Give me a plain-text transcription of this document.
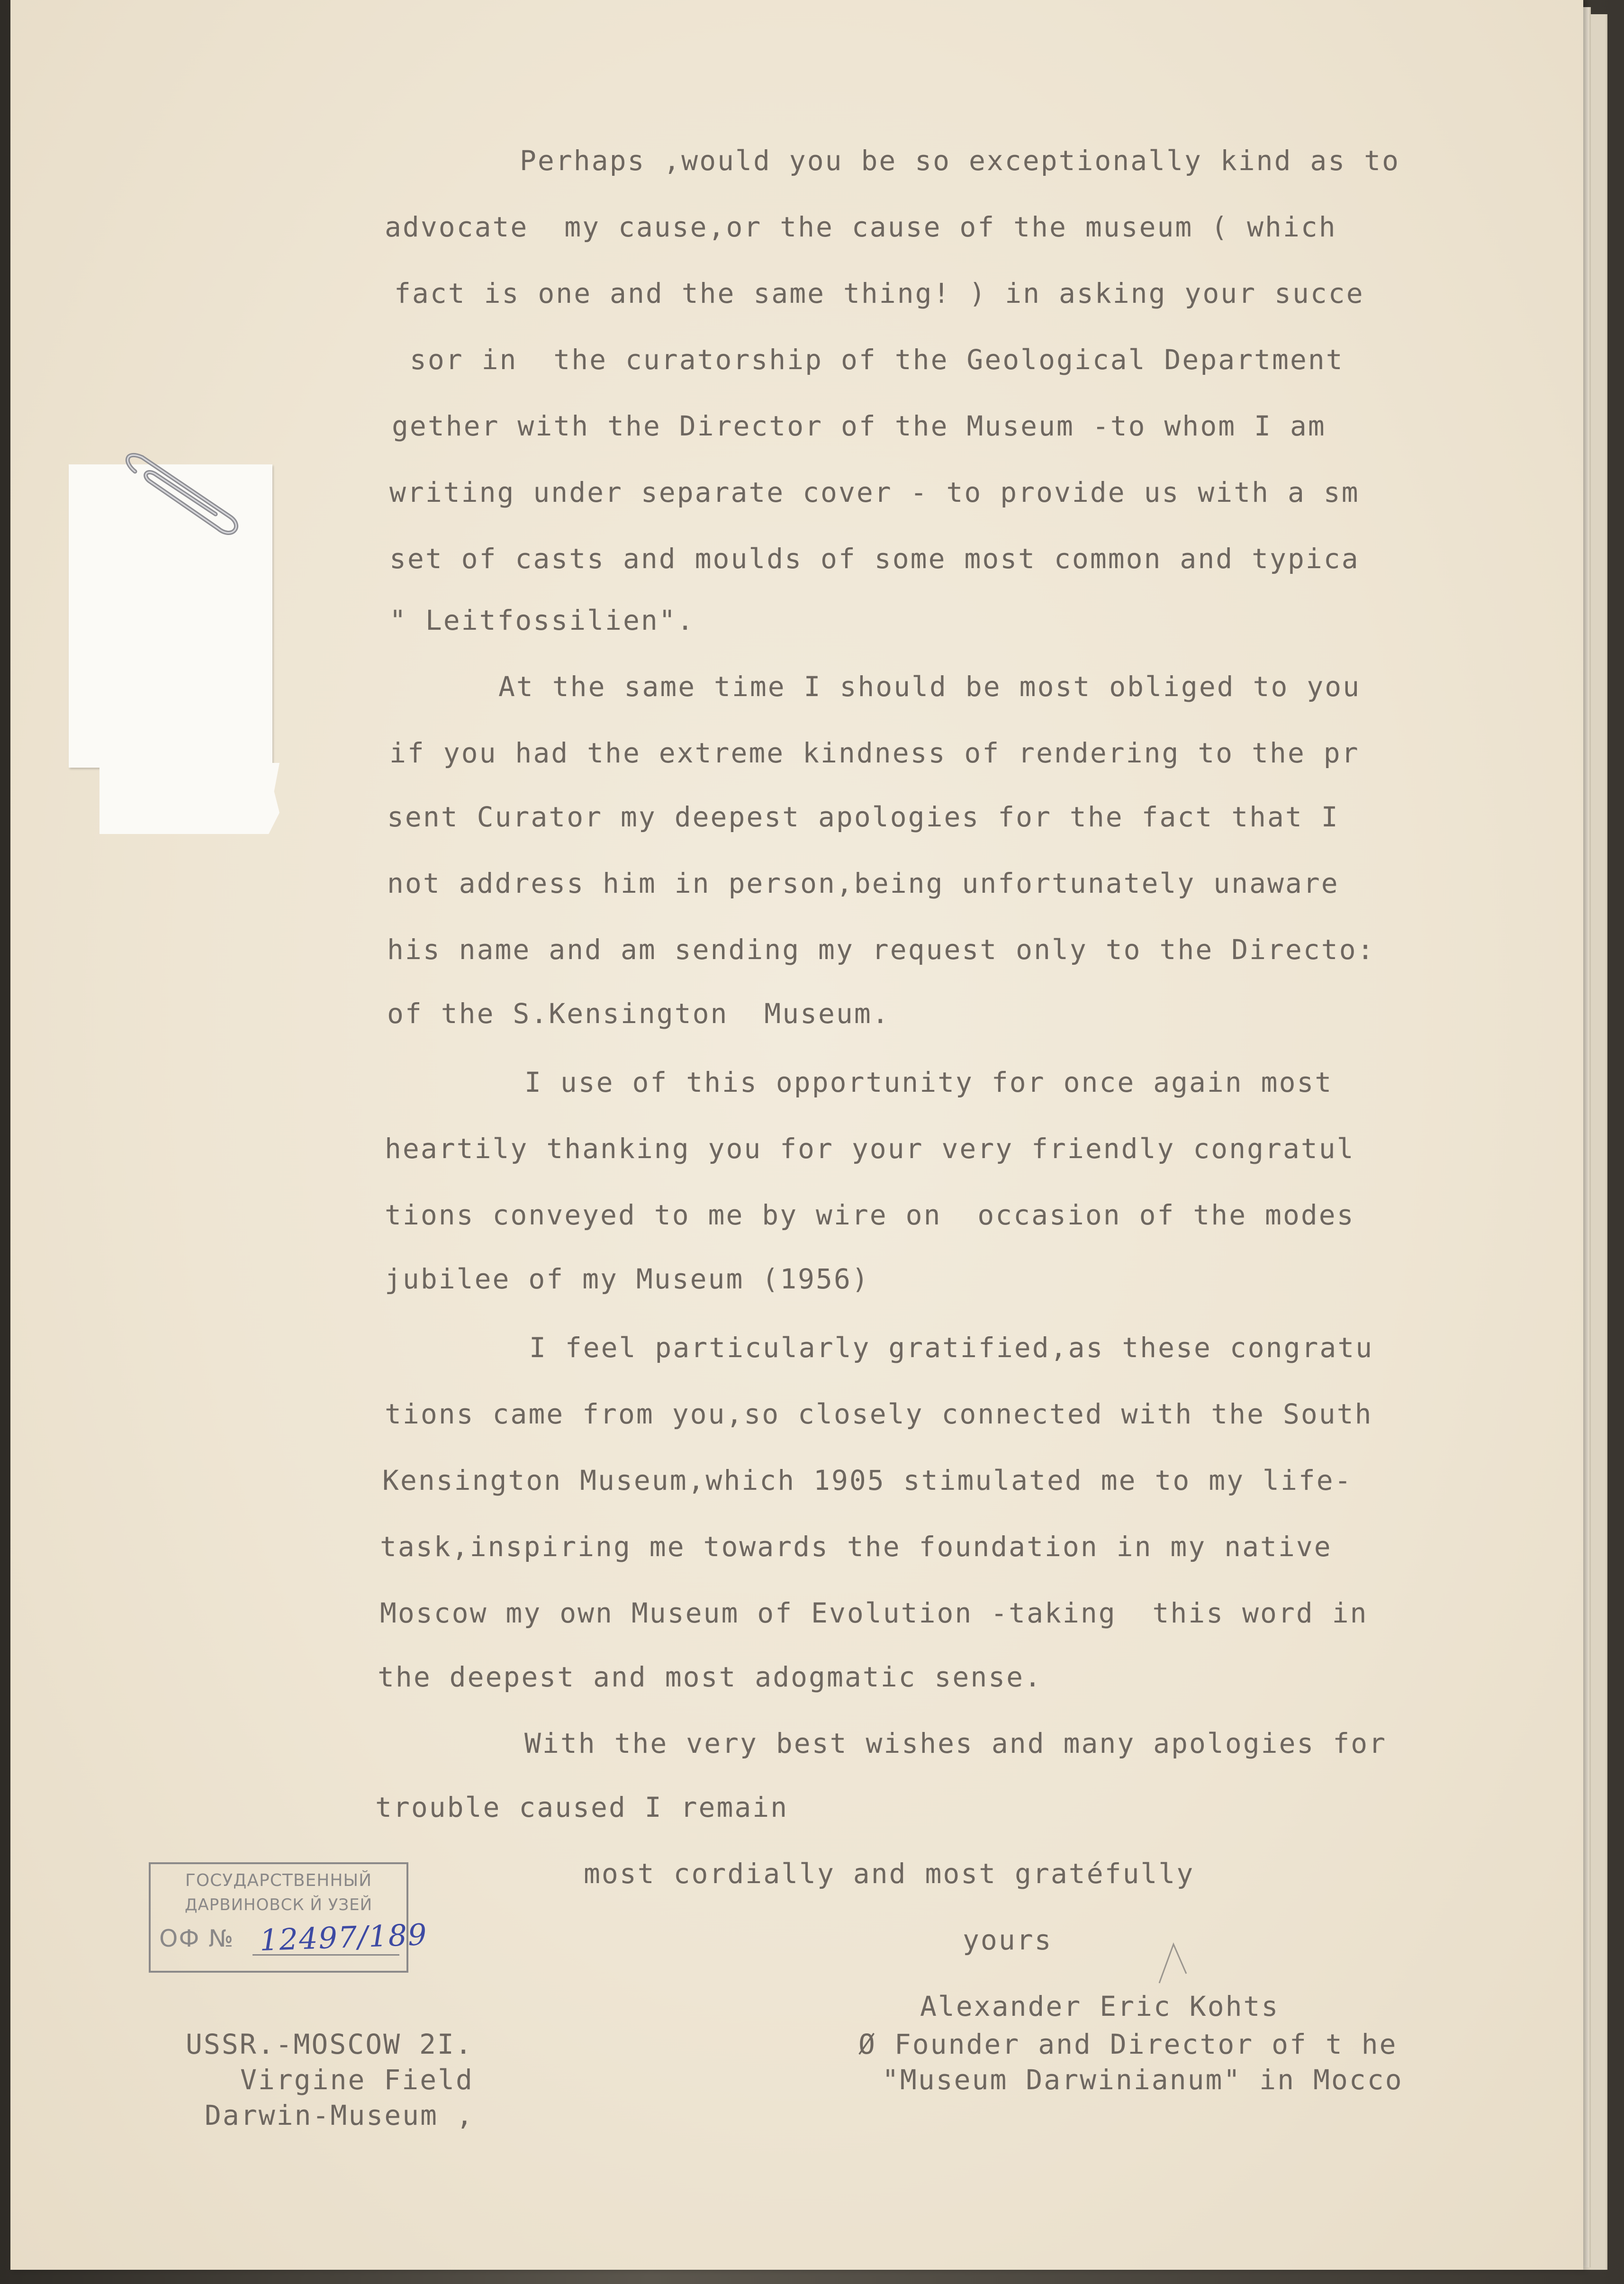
Perhaps ,would you be so exceptionally kind as to
advocate  my cause,or the cause of the museum ( which
fact is one and the same thing! ) in asking your succe
sor in  the curatorship of the Geological Department
gether with the Director of the Museum -to whom I am
writing under separate cover - to provide us with a sm
set of casts and moulds of some most common and typica
" Leitfossilien".
At the same time I should be most obliged to you
if you had the extreme kindness of rendering to the pr
sent Curator my deepest apologies for the fact that I
not address him in person,being unfortunately unaware
his name and am sending my request only to the Directo:
of the S.Kensington  Museum.
I use of this opportunity for once again most
heartily thanking you for your very friendly congratul
tions conveyed to me by wire on  occasion of the modes
jubilee of my Museum (1956)
I feel particularly gratified,as these congratu
tions came from you,so closely connected with the South
Kensington Museum,which 1905 stimulated me to my life-
task,inspiring me towards the foundation in my native
Moscow my own Museum of Evolution -taking  this word in
the deepest and most adogmatic sense.
With the very best wishes and many apologies for
trouble caused I remain
most cordially and most gratéfully
yours
Alexander Eric Kohts
Ø Founder and Director of t he
"Museum Darwinianum" in Mocco
USSR.-MOSCOW 2I.
Virgine Field
Darwin-Museum ,
ГОСУДАРСТВЕННЫЙ
ДАРВИНОВСК Й УЗЕЙ
ОФ № 12497/189
